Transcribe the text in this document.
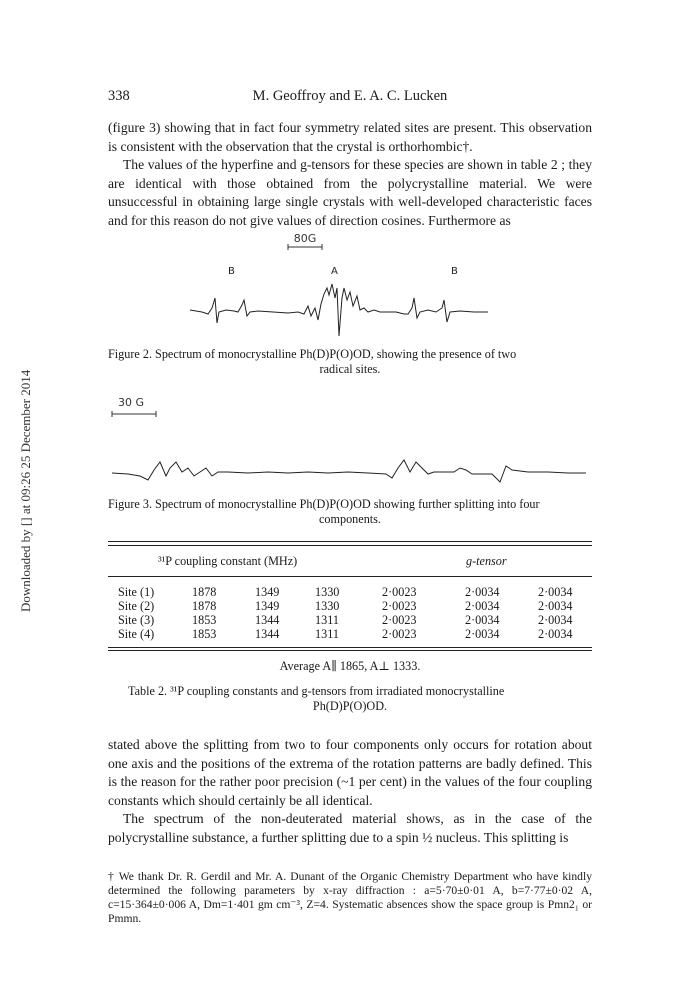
Downloaded by [] at 09:26 25 December 2014
338	M. Geoffroy and E. A. C. Lucken

(figure 3) showing that in fact four symmetry related sites are present. This observation is consistent with the observation that the crystal is orthorhombic†.

The values of the hyperfine and g-tensors for these species are shown in table 2 ; they are identical with those obtained from the polycrystalline material. We were unsuccessful in obtaining large single crystals with well-developed characteristic faces and for this reason do not give values of direction cosines. Furthermore as

80G
B	A	B
Figure 2. Spectrum of monocrystalline Ph(D)P(O)OD, showing the presence of two
radical sites.
30 G
Figure 3. Spectrum of monocrystalline Ph(D)P(O)OD showing further splitting into four
components.
³¹P coupling constant (MHz)	g-tensor
Site (1)	1878	1349	1330	2·0023	2·0034	2·0034
Site (2)	1878	1349	1330	2·0023	2·0034	2·0034
Site (3)	1853	1344	1311	2·0023	2·0034	2·0034
Site (4)	1853	1344	1311	2·0023	2·0034	2·0034
Average A∥ 1865, A⊥ 1333.
Table 2. ³¹P coupling constants and g-tensors from irradiated monocrystalline
Ph(D)P(O)OD.

stated above the splitting from two to four components only occurs for rotation about one axis and the positions of the extrema of the rotation patterns are badly defined. This is the reason for the rather poor precision (~1 per cent) in the values of the four coupling constants which should certainly be all identical.

The spectrum of the non-deuterated material shows, as in the case of the polycrystalline substance, a further splitting due to a spin ½ nucleus. This splitting is

† We thank Dr. R. Gerdil and Mr. A. Dunant of the Organic Chemistry Department who have kindly determined the following parameters by x-ray diffraction : a=5·70±0·01 A, b=7·77±0·02 A, c=15·364±0·006 A, Dm=1·401 gm cm⁻³, Z=4. Systematic absences show the space group is Pmn2₁ or Pmmn.
